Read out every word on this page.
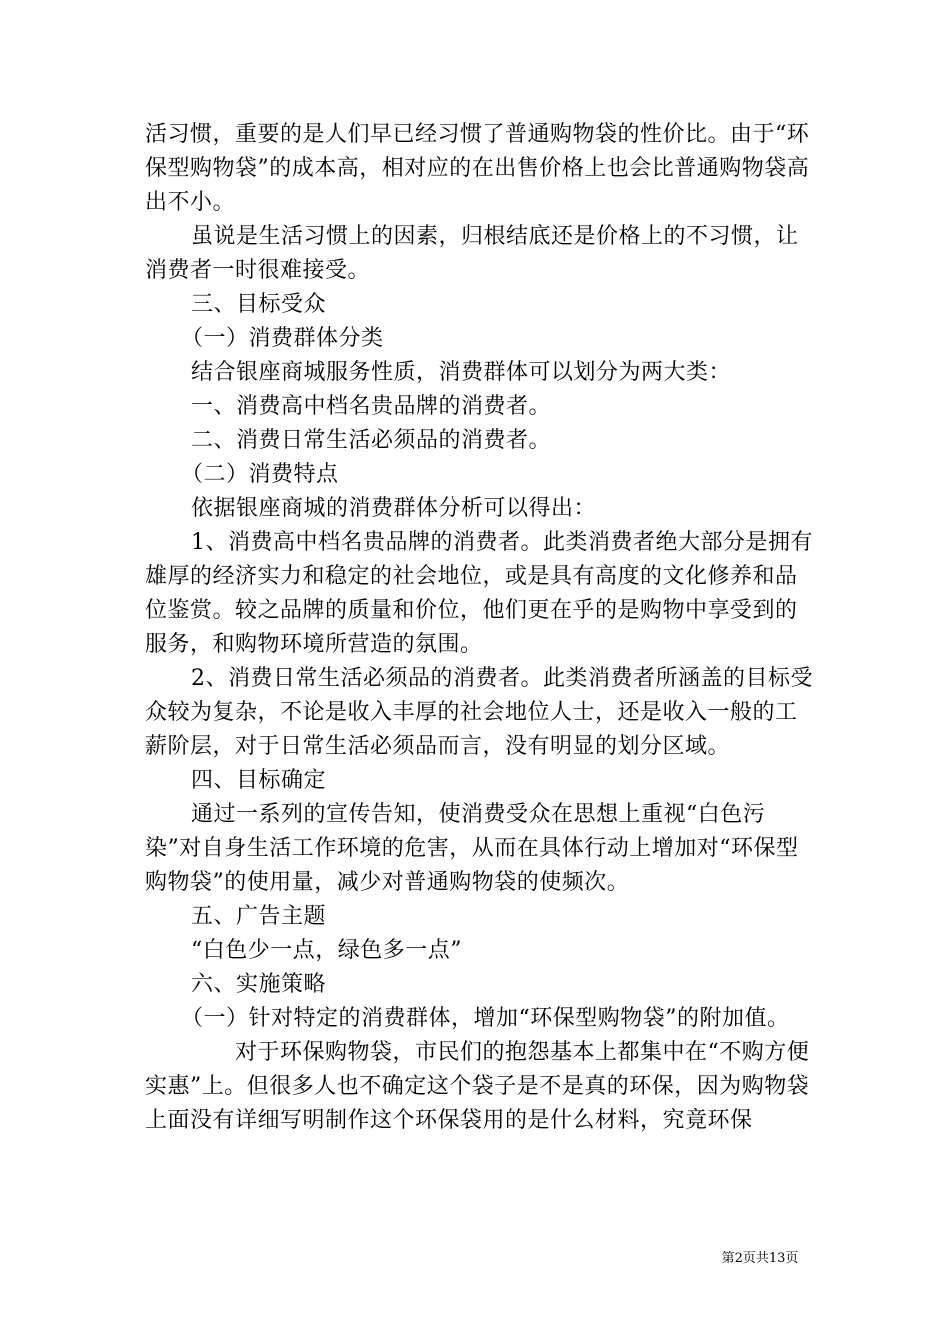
活习惯，重要的是人们早已经习惯了普通购物袋的性价比。由于“环保型购物袋”的成本高，相对应的在出售价格上也会比普通购物袋高出不小。

虽说是生活习惯上的因素，归根结底还是价格上的不习惯，让消费者一时很难接受。

三、目标受众

（一）消费群体分类

结合银座商城服务性质，消费群体可以划分为两大类：

一、消费高中档名贵品牌的消费者。

二、消费日常生活必须品的消费者。

（二）消费特点

依据银座商城的消费群体分析可以得出：

1、消费高中档名贵品牌的消费者。此类消费者绝大部分是拥有雄厚的经济实力和稳定的社会地位，或是具有高度的文化修养和品位鉴赏。较之品牌的质量和价位，他们更在乎的是购物中享受到的服务，和购物环境所营造的氛围。

2、消费日常生活必须品的消费者。此类消费者所涵盖的目标受众较为复杂，不论是收入丰厚的社会地位人士，还是收入一般的工薪阶层，对于日常生活必须品而言，没有明显的划分区域。

四、目标确定

通过一系列的宣传告知，使消费受众在思想上重视“白色污染”对自身生活工作环境的危害，从而在具体行动上增加对“环保型购物袋”的使用量，减少对普通购物袋的使频次。

五、广告主题

“白色少一点，绿色多一点”

六、实施策略

（一）针对特定的消费群体，增加“环保型购物袋”的附加值。

对于环保购物袋，市民们的抱怨基本上都集中在“不购方便实惠”上。但很多人也不确定这个袋子是不是真的环保，因为购物袋上面没有详细写明制作这个环保袋用的是什么材料，究竟环保

第2页共13页
